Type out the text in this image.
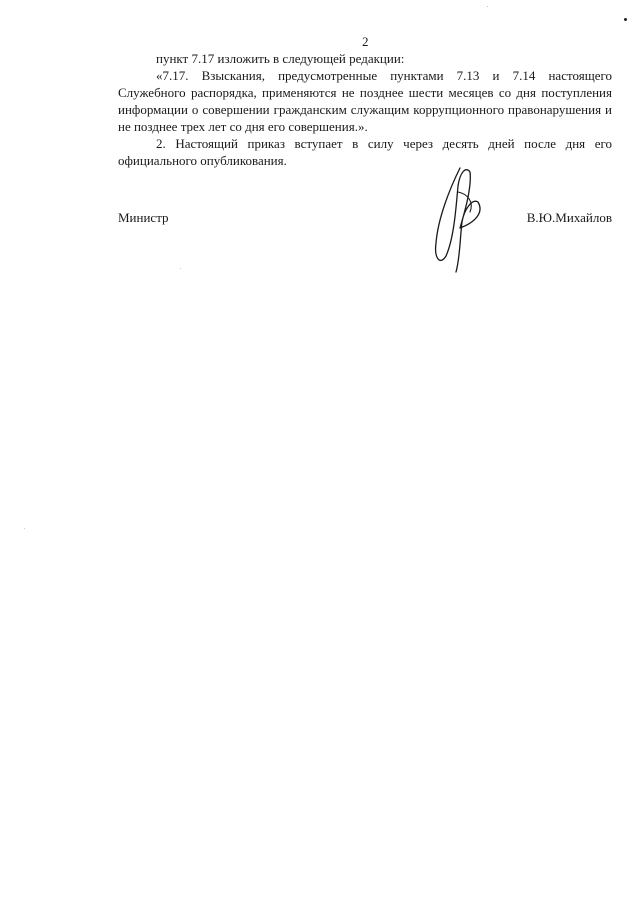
2

пункт 7.17 изложить в следующей редакции:

«7.17. Взыскания, предусмотренные пунктами 7.13 и 7.14 настоящего Служебного распорядка, применяются не позднее шести месяцев со дня поступления информации о совершении гражданским служащим коррупционного правонарушения и не позднее трех лет со дня его совершения.».

2. Настоящий приказ вступает в силу через десять дней после дня его официального опубликования.

Министр	В.Ю.Михайлов
